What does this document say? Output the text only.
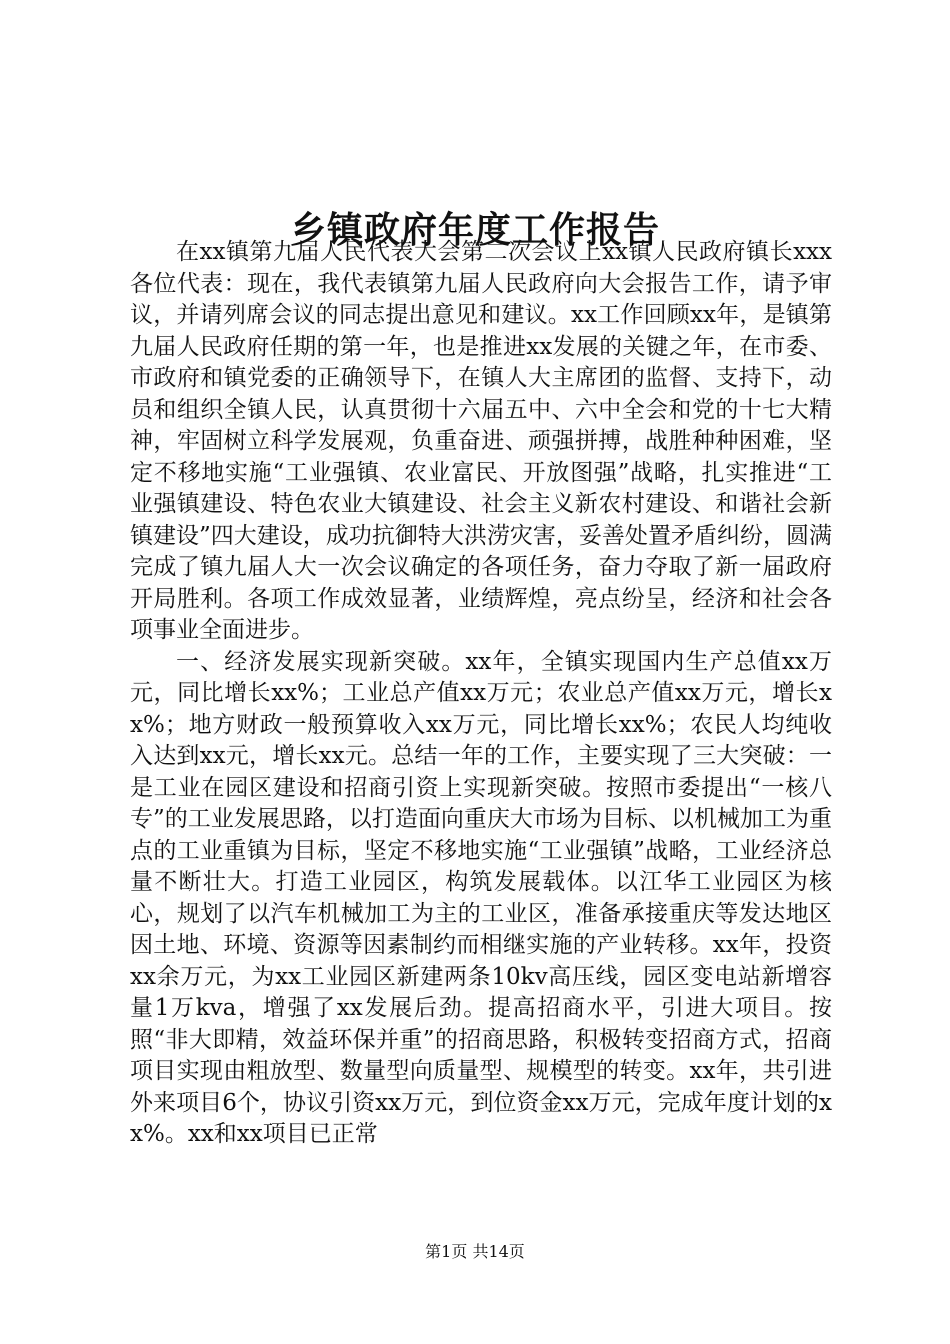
乡镇政府年度工作报告

在xx镇第九届人民代表大会第二次会议上xx镇人民政府镇长xxx各位代表：现在，我代表镇第九届人民政府向大会报告工作，请予审议，并请列席会议的同志提出意见和建议。xx工作回顾xx年，是镇第九届人民政府任期的第一年，也是推进xx发展的关键之年，在市委、市政府和镇党委的正确领导下，在镇人大主席团的监督、支持下，动员和组织全镇人民，认真贯彻十六届五中、六中全会和党的十七大精神，牢固树立科学发展观，负重奋进、顽强拼搏，战胜种种困难，坚定不移地实施“工业强镇、农业富民、开放图强”战略，扎实推进“工业强镇建设、特色农业大镇建设、社会主义新农村建设、和谐社会新镇建设”四大建设，成功抗御特大洪涝灾害，妥善处置矛盾纠纷，圆满完成了镇九届人大一次会议确定的各项任务，奋力夺取了新一届政府开局胜利。各项工作成效显著，业绩辉煌，亮点纷呈，经济和社会各项事业全面进步。

一、经济发展实现新突破。xx年，全镇实现国内生产总值xx万元，同比增长xx%；工业总产值xx万元；农业总产值xx万元，增长xx%；地方财政一般预算收入xx万元，同比增长xx%；农民人均纯收入达到xx元，增长xx元。总结一年的工作，主要实现了三大突破：一是工业在园区建设和招商引资上实现新突破。按照市委提出“一核八专”的工业发展思路，以打造面向重庆大市场为目标、以机械加工为重点的工业重镇为目标，坚定不移地实施“工业强镇”战略，工业经济总量不断壮大。打造工业园区，构筑发展载体。以江华工业园区为核心，规划了以汽车机械加工为主的工业区，准备承接重庆等发达地区因土地、环境、资源等因素制约而相继实施的产业转移。xx年，投资xx余万元，为xx工业园区新建两条10kv高压线，园区变电站新增容量1万kva，增强了xx发展后劲。提高招商水平，引进大项目。按照“非大即精，效益环保并重”的招商思路，积极转变招商方式，招商项目实现由粗放型、数量型向质量型、规模型的转变。xx年，共引进外来项目6个，协议引资xx万元，到位资金xx万元，完成年度计划的xx%。xx和xx项目已正常

第1页 共14页
